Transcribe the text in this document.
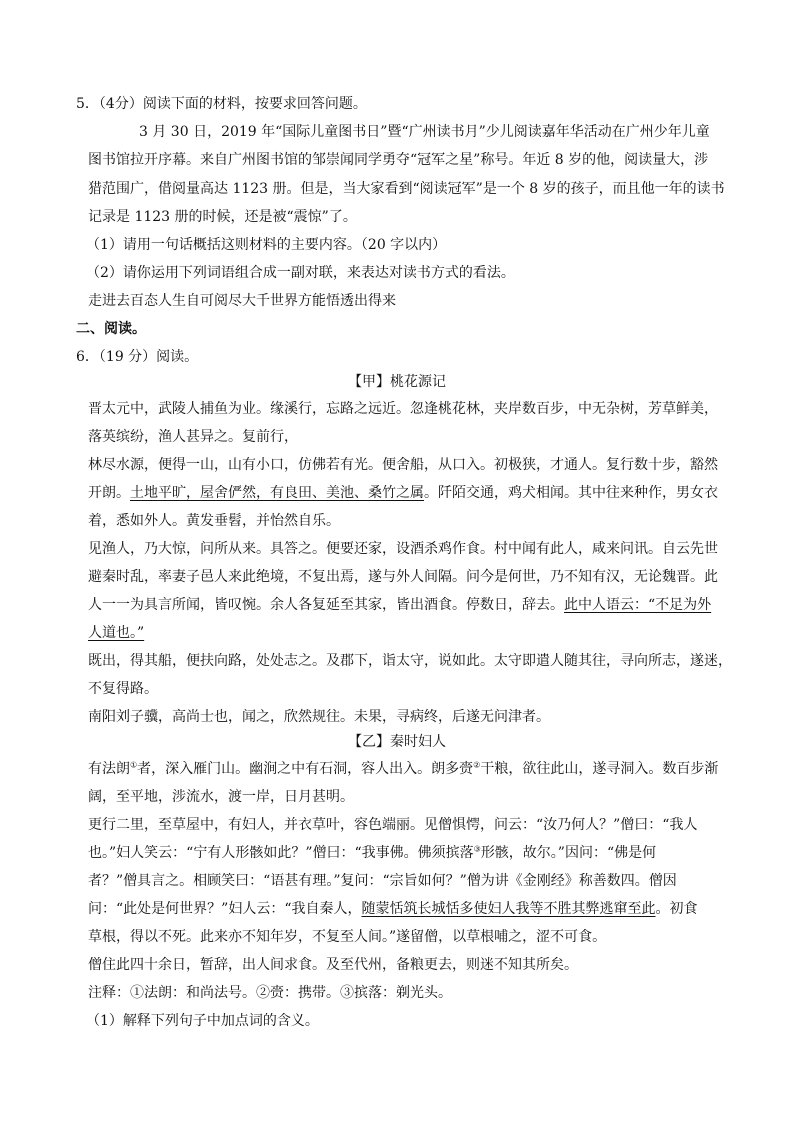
5．（4分）阅读下面的材料，按要求回答问题。
3 月 30 日，2019 年“国际儿童图书日”暨“广州读书月”少儿阅读嘉年华活动在广州少年儿童
图书馆拉开序幕。来自广州图书馆的邹崇闻同学勇夺“冠军之星”称号。年近 8 岁的他，阅读量大，涉
猎范围广，借阅量高达 1123 册。但是，当大家看到“阅读冠军”是一个 8 岁的孩子，而且他一年的读书
记录是 1123 册的时候，还是被“震惊”了。
（1）请用一句话概括这则材料的主要内容。（20 字以内）
（2）请你运用下列词语组合成一副对联，来表达对读书方式的看法。
走进去百态人生自可阅尽大千世界方能悟透出得来
二、阅读。
6．（19 分）阅读。
【甲】桃花源记
晋太元中，武陵人捕鱼为业。缘溪行，忘路之远近。忽逢桃花林，夹岸数百步，中无杂树，芳草鲜美，
落英缤纷，渔人甚异之。复前行，
林尽水源，便得一山，山有小口，仿佛若有光。便舍船，从口入。初极狭，才通人。复行数十步，豁然
开朗。土地平旷，屋舍俨然，有良田、美池、桑竹之属。阡陌交通，鸡犬相闻。其中往来种作，男女衣
着，悉如外人。黄发垂髫，并怡然自乐。
见渔人，乃大惊，问所从来。具答之。便要还家，设酒杀鸡作食。村中闻有此人，咸来问讯。自云先世
避秦时乱，率妻子邑人来此绝境，不复出焉，遂与外人间隔。问今是何世，乃不知有汉，无论魏晋。此
人一一为具言所闻，皆叹惋。余人各复延至其家，皆出酒食。停数日，辞去。此中人语云：“不足为外
人道也。”
既出，得其船，便扶向路，处处志之。及郡下，诣太守，说如此。太守即遣人随其往，寻向所志，遂迷，
不复得路。
南阳刘子骥，高尚士也，闻之，欣然规往。未果，寻病终，后遂无问津者。
【乙】秦时妇人
有法朗①者，深入雁门山。幽涧之中有石洞，容人出入。朗多赍②干粮，欲往此山，遂寻洞入。数百步渐
阔，至平地，涉流水，渡一岸，日月甚明。
更行二里，至草屋中，有妇人，并衣草叶，容色端丽。见僧惧愕，问云：“汝乃何人？”僧曰：“我人
也。”妇人笑云：“宁有人形骸如此？”僧曰：“我事佛。佛须摈落③形骸，故尔。”因问：“佛是何
者？”僧具言之。相顾笑曰：“语甚有理。”复问：“宗旨如何？”僧为讲《金刚经》称善数四。僧因
问：“此处是何世界？”妇人云：“我自秦人，随蒙恬筑长城恬多使妇人我等不胜其弊逃窜至此。初食
草根，得以不死。此来亦不知年岁，不复至人间。”遂留僧，以草根哺之，涩不可食。
僧住此四十余日，暂辞，出人间求食。及至代州，备粮更去，则迷不知其所矣。
注释：①法朗：和尚法号。②赍：携带。③摈落：剃光头。
（1）解释下列句子中加点词的含义。
